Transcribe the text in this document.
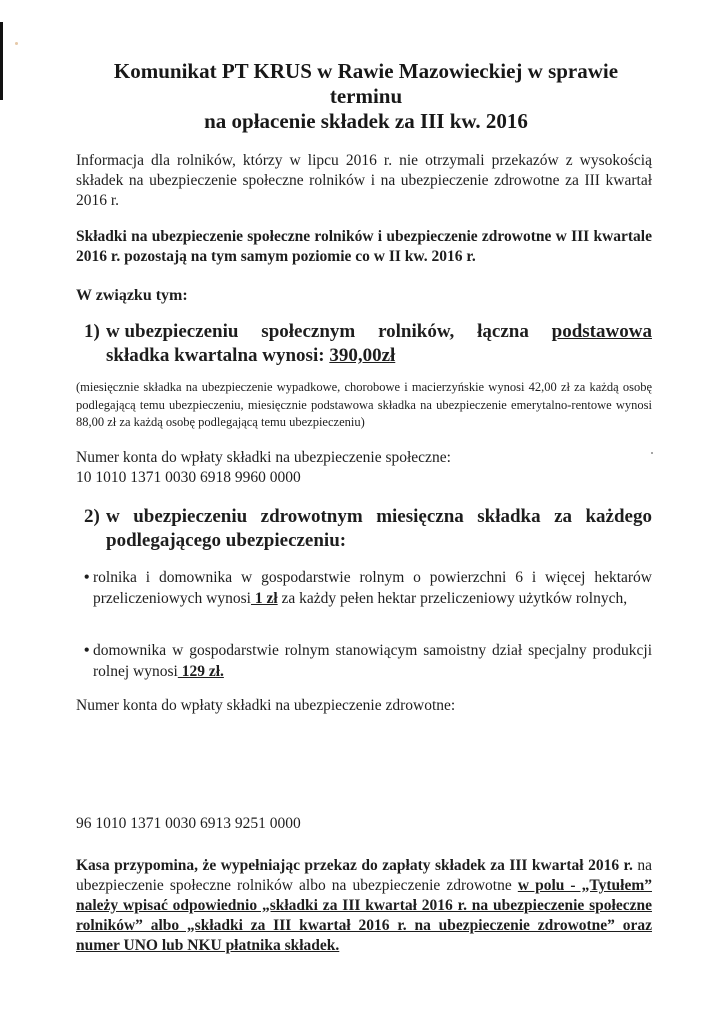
Komunikat PT KRUS w Rawie Mazowieckiej w sprawie
terminu
na opłacenie składek za III kw. 2016
Informacja dla rolników, którzy w lipcu 2016 r. nie otrzymali przekazów z wysokością składek na ubezpieczenie społeczne rolników i na ubezpieczenie zdrowotne za III kwartał 2016 r.
Składki na ubezpieczenie społeczne rolników i ubezpieczenie zdrowotne w III kwartale 2016 r. pozostają na tym samym poziomie co w II kw. 2016 r.
W związku tym:
1) w ubezpieczeniu społecznym rolników, łączna podstawowa
składka kwartalna wynosi: 390,00zł
(miesięcznie składka na ubezpieczenie wypadkowe, chorobowe i macierzyńskie wynosi 42,00 zł za każdą osobę podlegającą temu ubezpieczeniu, miesięcznie podstawowa składka na ubezpieczenie emerytalno-rentowe wynosi 88,00 zł za każdą osobę podlegającą temu ubezpieczeniu)
Numer konta do wpłaty składki na ubezpieczenie społeczne:
10 1010 1371 0030 6918 9960 0000
2) w ubezpieczeniu zdrowotnym miesięczna składka za każdego
podlegającego ubezpieczeniu:
• rolnika i domownika w gospodarstwie rolnym o powierzchni 6 i więcej hektarów przeliczeniowych wynosi 1 zł za każdy pełen hektar przeliczeniowy użytków rolnych,
• domownika w gospodarstwie rolnym stanowiącym samoistny dział specjalny produkcji rolnej wynosi 129 zł.
Numer konta do wpłaty składki na ubezpieczenie zdrowotne:
96 1010 1371 0030 6913 9251 0000
Kasa przypomina, że wypełniając przekaz do zapłaty składek za III kwartał 2016 r. na ubezpieczenie społeczne rolników albo na ubezpieczenie zdrowotne w polu - „Tytułem” należy wpisać odpowiednio „składki za III kwartał 2016 r. na ubezpieczenie społeczne rolników” albo „składki za III kwartał 2016 r. na ubezpieczenie zdrowotne” oraz numer UNO lub NKU płatnika składek.
